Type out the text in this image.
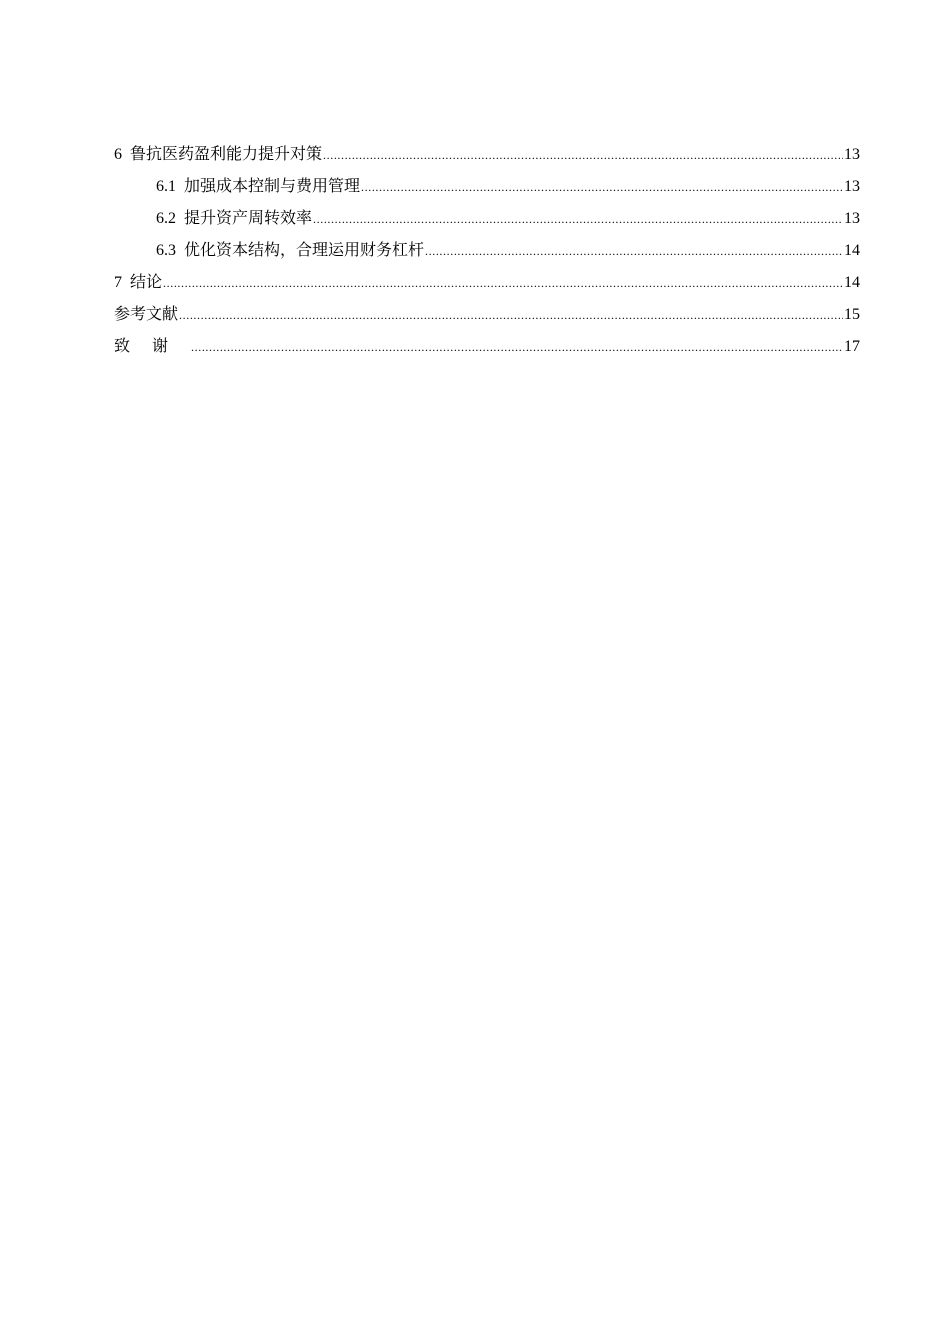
6 鲁抗医药盈利能力提升对策 .....	13
6.1 加强成本控制与费用管理 .....	13
6.2 提升资产周转效率 .....	13
6.3 优化资本结构，合理运用财务杠杆 .....	14
7 结论 .....	14
参考文献 .....	15
致谢 .....	17
